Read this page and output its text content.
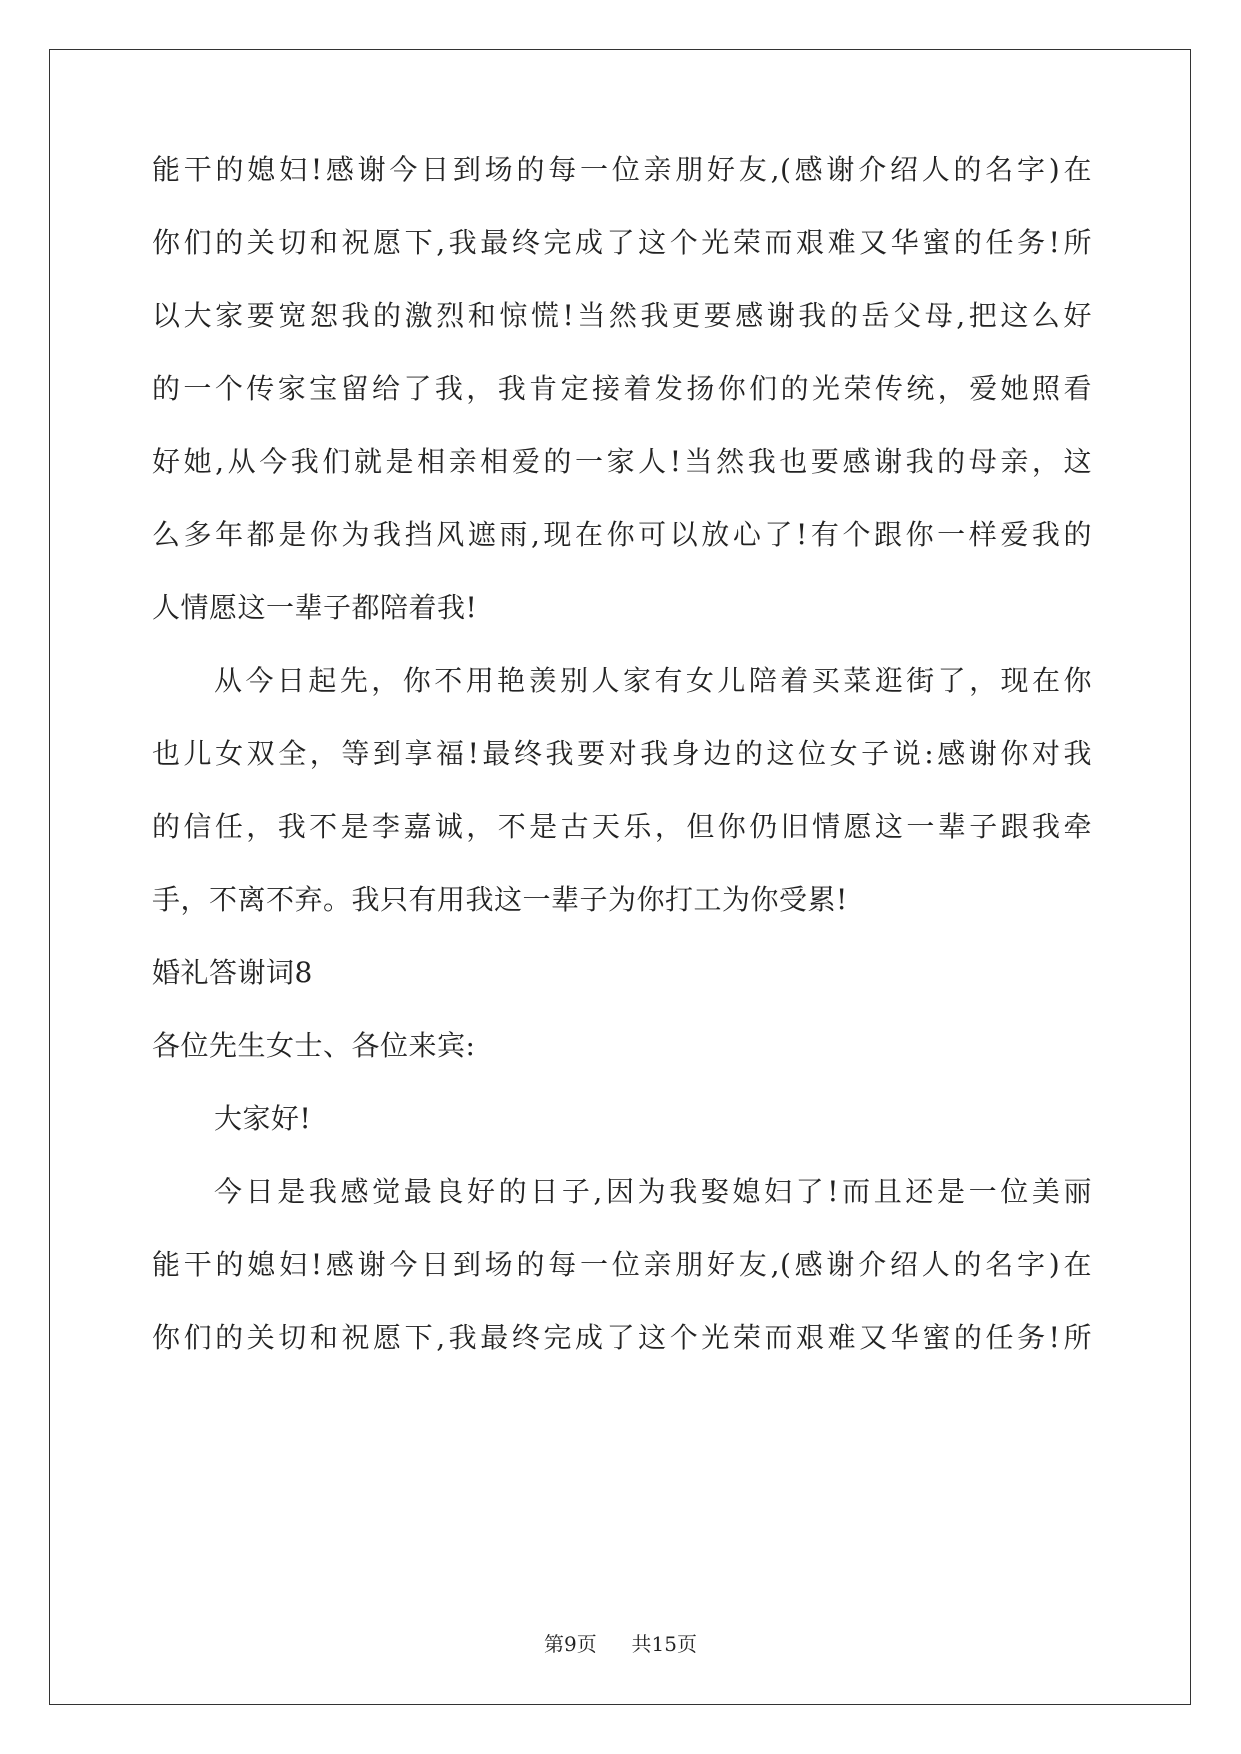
能干的媳妇!感谢今日到场的每一位亲朋好友,(感谢介绍人的名字)在
你们的关切和祝愿下,我最终完成了这个光荣而艰难又华蜜的任务!所
以大家要宽恕我的激烈和惊慌!当然我更要感谢我的岳父母,把这么好
的一个传家宝留给了我，我肯定接着发扬你们的光荣传统，爱她照看
好她,从今我们就是相亲相爱的一家人!当然我也要感谢我的母亲，这
么多年都是你为我挡风遮雨,现在你可以放心了!有个跟你一样爱我的
人情愿这一辈子都陪着我!
从今日起先，你不用艳羡别人家有女儿陪着买菜逛街了，现在你
也儿女双全，等到享福!最终我要对我身边的这位女子说:感谢你对我
的信任，我不是李嘉诚，不是古天乐，但你仍旧情愿这一辈子跟我牵
手，不离不弃。我只有用我这一辈子为你打工为你受累!
婚礼答谢词8
各位先生女士、各位来宾:
大家好!
今日是我感觉最良好的日子,因为我娶媳妇了!而且还是一位美丽
能干的媳妇!感谢今日到场的每一位亲朋好友,(感谢介绍人的名字)在
你们的关切和祝愿下,我最终完成了这个光荣而艰难又华蜜的任务!所
第9页 共15页
